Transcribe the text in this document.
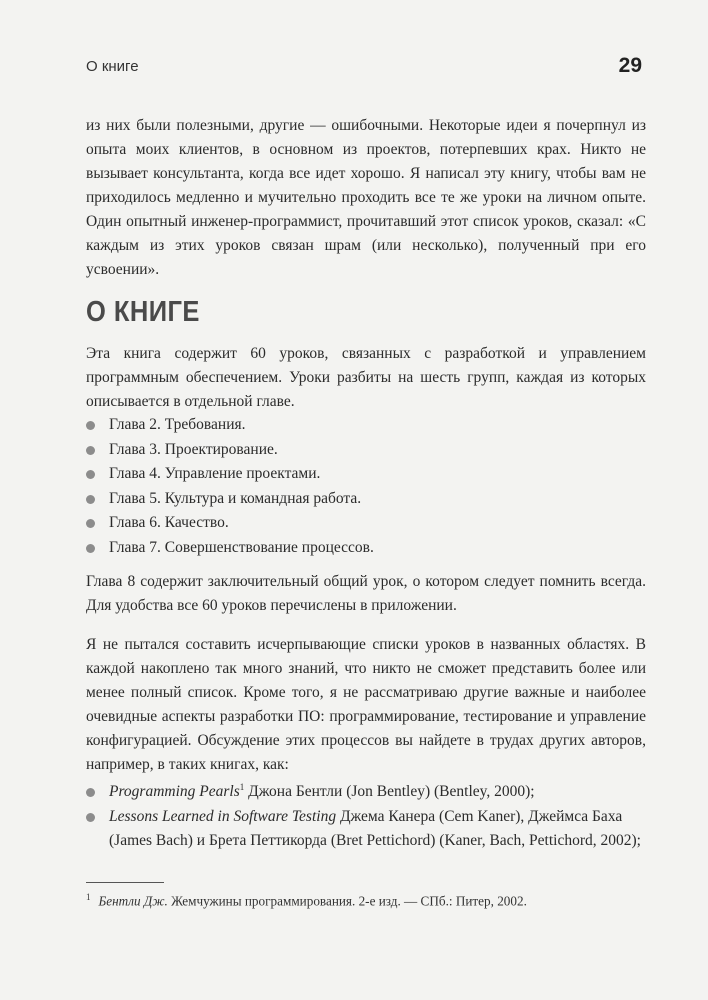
О книге	29

из них были полезными, другие — ошибочными. Некоторые идеи я почерпнул из опыта моих клиентов, в основном из проектов, потерпевших крах. Никто не вызывает консультанта, когда все идет хорошо. Я написал эту книгу, чтобы вам не приходилось медленно и мучительно проходить все те же уроки на личном опыте. Один опытный инженер-программист, прочитавший этот список уроков, сказал: «С каждым из этих уроков связан шрам (или несколько), полученный при его усвоении».

О КНИГЕ

Эта книга содержит 60 уроков, связанных с разработкой и управлением программным обеспечением. Уроки разбиты на шесть групп, каждая из которых описывается в отдельной главе.

Глава 2. Требования.
Глава 3. Проектирование.
Глава 4. Управление проектами.
Глава 5. Культура и командная работа.
Глава 6. Качество.
Глава 7. Совершенствование процессов.

Глава 8 содержит заключительный общий урок, о котором следует помнить всегда. Для удобства все 60 уроков перечислены в приложении.

Я не пытался составить исчерпывающие списки уроков в названных областях. В каждой накоплено так много знаний, что никто не сможет представить более или менее полный список. Кроме того, я не рассматриваю другие важные и наиболее очевидные аспекты разработки ПО: программирование, тестирование и управление конфигурацией. Обсуждение этих процессов вы найдете в трудах других авторов, например, в таких книгах, как:

Programming Pearls$^1$ Джона Бентли (Jon Bentley) (Bentley, 2000);
Lessons Learned in Software Testing Джема Канера (Cem Kaner), Джеймса Баха (James Bach) и Брета Петтикорда (Bret Pettichord) (Kaner, Bach, Pettichord, 2002);

$^1$ Бентли Дж. Жемчужины программирования. 2-е изд. — СПб.: Питер, 2002.
